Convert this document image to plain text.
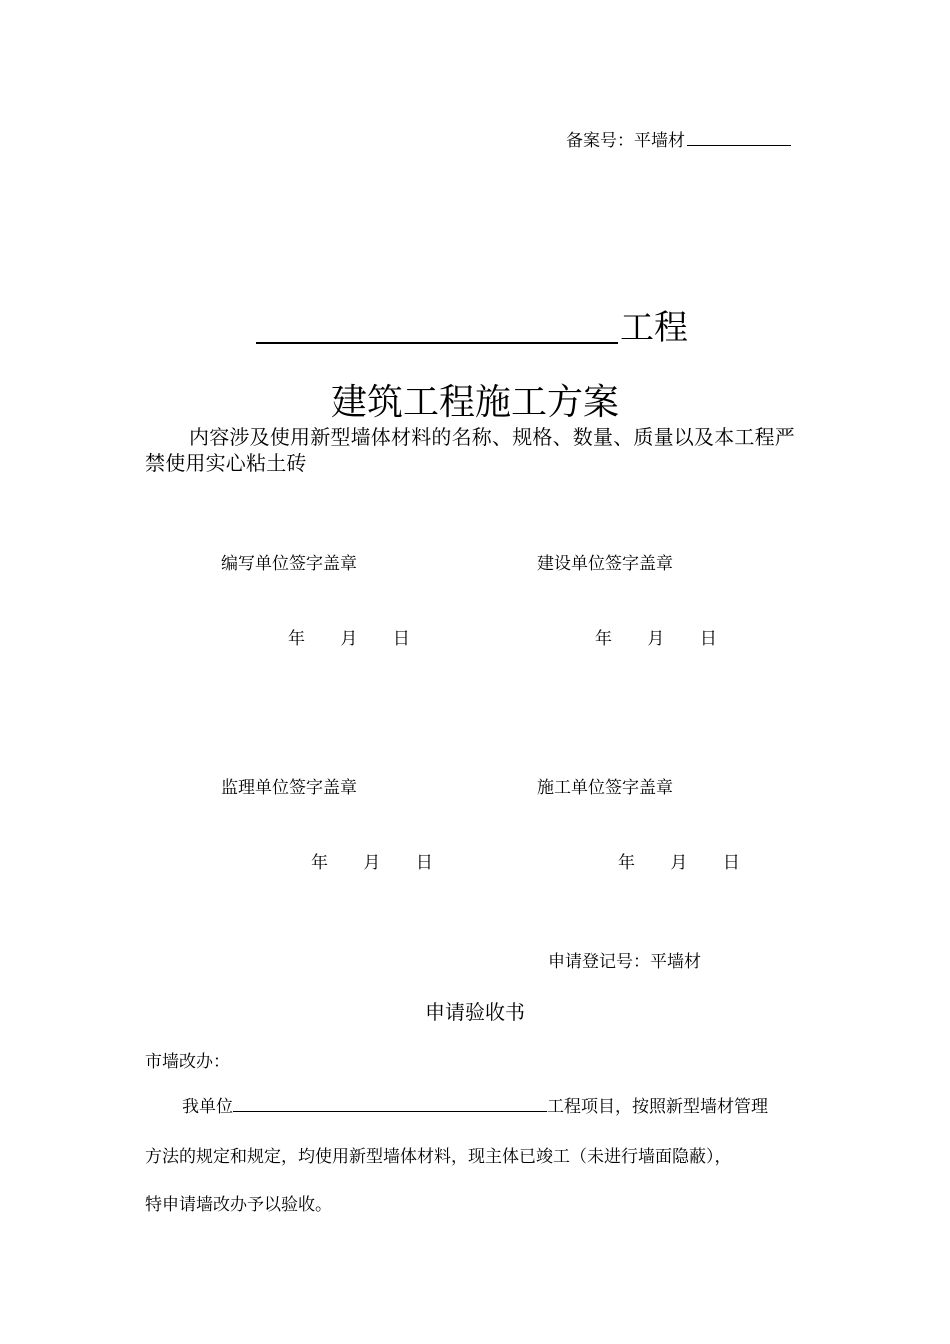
备案号：平墙材
工程
建筑工程施工方案
内容涉及使用新型墙体材料的名称、规格、数量、质量以及本工程严禁使用实心粘土砖
编写单位签字盖章	建设单位签字盖章
年 月 日	年 月 日
监理单位签字盖章	施工单位签字盖章
年 月 日	年 月 日
申请登记号：平墙材
申请验收书
市墙改办：
我单位	工程项目，按照新型墙材管理
方法的规定和规定，均使用新型墙体材料，现主体已竣工（未进行墙面隐蔽），
特申请墙改办予以验收。
